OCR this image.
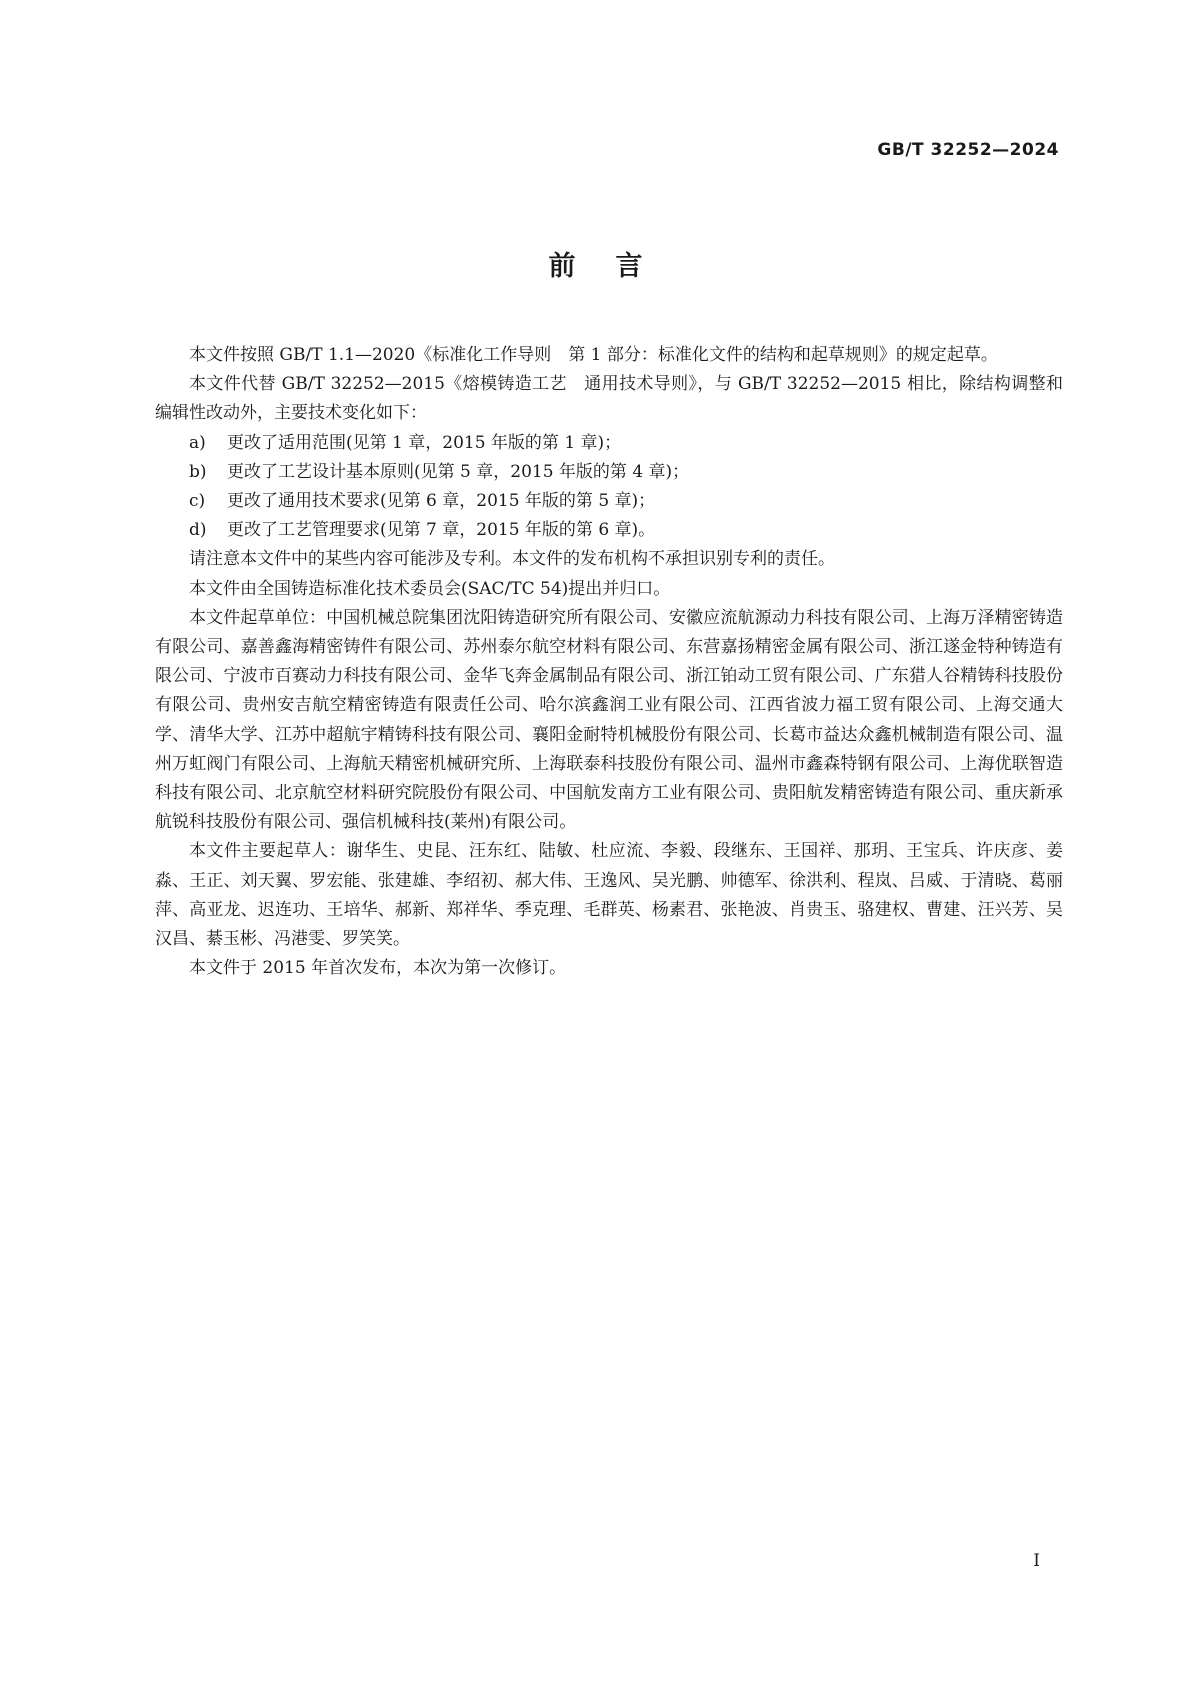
GB/T 32252—2024
前言

本文件按照 GB/T 1.1—2020《标准化工作导则　第 1 部分：标准化文件的结构和起草规则》的规定起草。

本文件代替 GB/T 32252—2015《熔模铸造工艺　通用技术导则》，与 GB/T 32252—2015 相比，除结构调整和编辑性改动外，主要技术变化如下：

a) 更改了适用范围(见第 1 章，2015 年版的第 1 章)；

b) 更改了工艺设计基本原则(见第 5 章，2015 年版的第 4 章)；

c) 更改了通用技术要求(见第 6 章，2015 年版的第 5 章)；

d) 更改了工艺管理要求(见第 7 章，2015 年版的第 6 章)。

请注意本文件中的某些内容可能涉及专利。本文件的发布机构不承担识别专利的责任。

本文件由全国铸造标准化技术委员会(SAC/TC 54)提出并归口。

本文件起草单位：中国机械总院集团沈阳铸造研究所有限公司、安徽应流航源动力科技有限公司、上海万泽精密铸造有限公司、嘉善鑫海精密铸件有限公司、苏州泰尔航空材料有限公司、东营嘉扬精密金属有限公司、浙江遂金特种铸造有限公司、宁波市百赛动力科技有限公司、金华飞奔金属制品有限公司、浙江铂动工贸有限公司、广东猎人谷精铸科技股份有限公司、贵州安吉航空精密铸造有限责任公司、哈尔滨鑫润工业有限公司、江西省波力福工贸有限公司、上海交通大学、清华大学、江苏中超航宇精铸科技有限公司、襄阳金耐特机械股份有限公司、长葛市益达众鑫机械制造有限公司、温州万虹阀门有限公司、上海航天精密机械研究所、上海联泰科技股份有限公司、温州市鑫森特钢有限公司、上海优联智造科技有限公司、北京航空材料研究院股份有限公司、中国航发南方工业有限公司、贵阳航发精密铸造有限公司、重庆新承航锐科技股份有限公司、强信机械科技(莱州)有限公司。

本文件主要起草人：谢华生、史昆、汪东红、陆敏、杜应流、李毅、段继东、王国祥、那玥、王宝兵、许庆彦、姜淼、王正、刘天翼、罗宏能、张建雄、李绍初、郝大伟、王逸风、吴光鹏、帅德军、徐洪利、程岚、吕威、于清晓、葛丽萍、高亚龙、迟连功、王培华、郝新、郑祥华、季克理、毛群英、杨素君、张艳波、肖贵玉、骆建权、曹建、汪兴芳、吴汉昌、綦玉彬、冯港雯、罗笑笑。

本文件于 2015 年首次发布，本次为第一次修订。

Ⅰ
